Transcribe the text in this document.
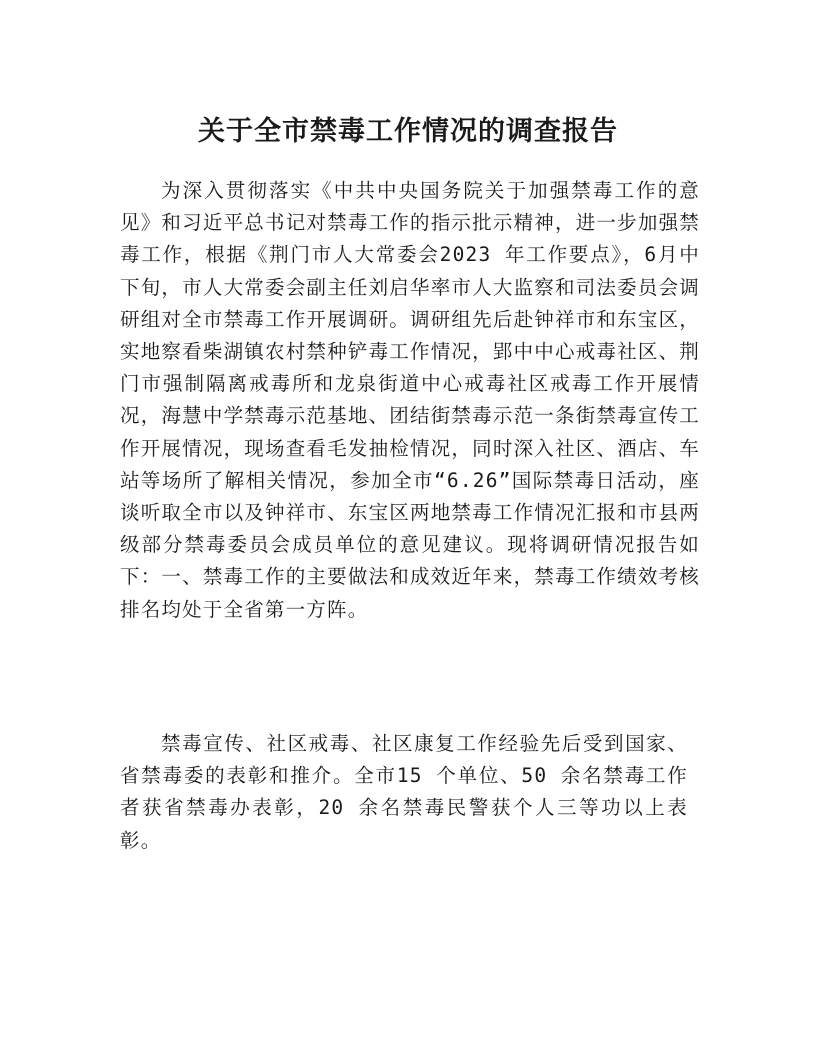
关于全市禁毒工作情况的调查报告

为深入贯彻落实《中共中央国务院关于加强禁毒工作的意见》和习近平总书记对禁毒工作的指示批示精神，进一步加强禁毒工作，根据《荆门市人大常委会2023 年工作要点》，6月中下旬，市人大常委会副主任刘启华率市人大监察和司法委员会调研组对全市禁毒工作开展调研。调研组先后赴钟祥市和东宝区，实地察看柴湖镇农村禁种铲毒工作情况，郢中中心戒毒社区、荆门市强制隔离戒毒所和龙泉街道中心戒毒社区戒毒工作开展情况，海慧中学禁毒示范基地、团结街禁毒示范一条街禁毒宣传工作开展情况，现场查看毛发抽检情况，同时深入社区、酒店、车站等场所了解相关情况，参加全市“6.26”国际禁毒日活动，座谈听取全市以及钟祥市、东宝区两地禁毒工作情况汇报和市县两级部分禁毒委员会成员单位的意见建议。现将调研情况报告如下：一、禁毒工作的主要做法和成效近年来，禁毒工作绩效考核排名均处于全省第一方阵。

禁毒宣传、社区戒毒、社区康复工作经验先后受到国家、省禁毒委的表彰和推介。全市15 个单位、50 余名禁毒工作者获省禁毒办表彰，20 余名禁毒民警获个人三等功以上表彰。
